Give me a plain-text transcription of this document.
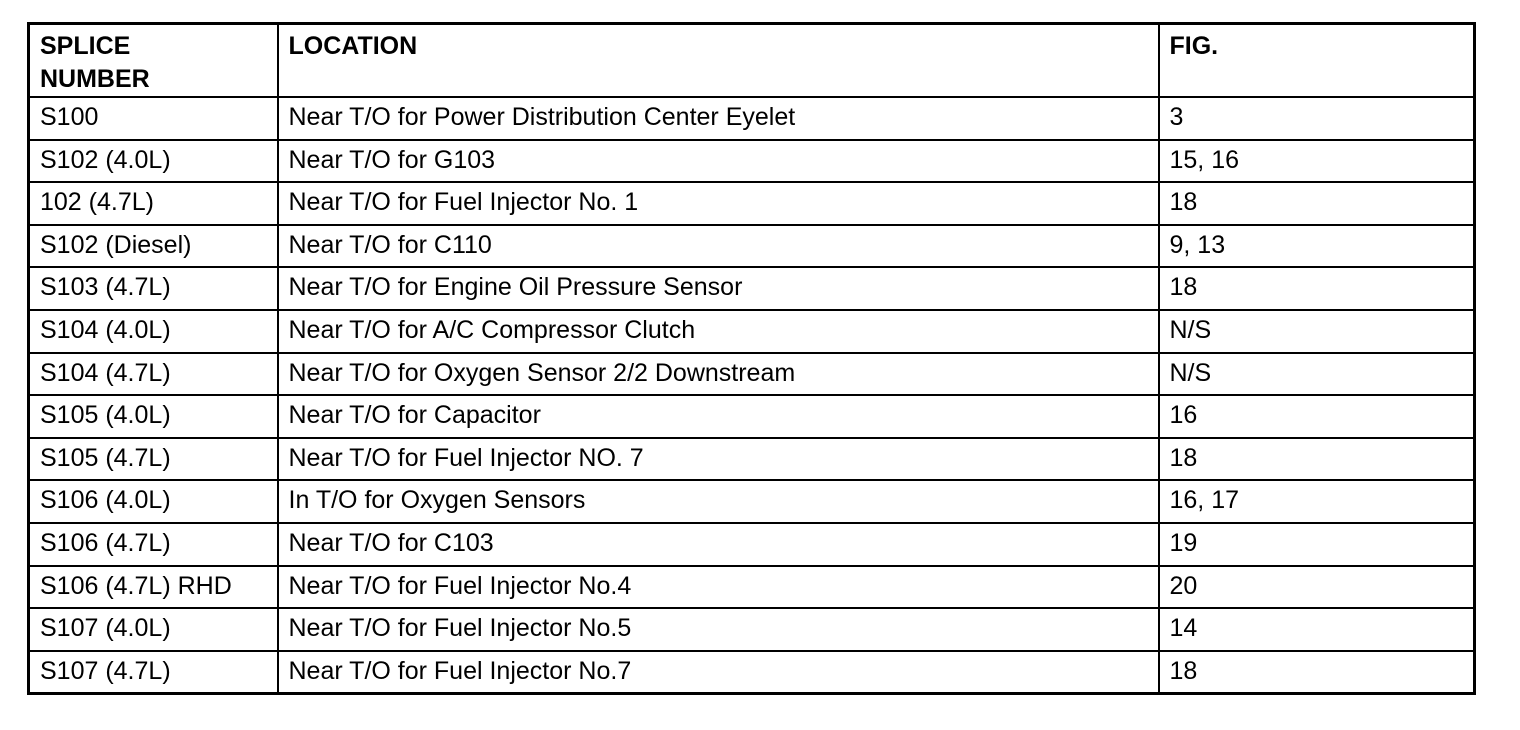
SPLICE
NUMBER	LOCATION	FIG.
S100	Near T/O for Power Distribution Center Eyelet	3
S102 (4.0L)	Near T/O for G103	15, 16
102 (4.7L)	Near T/O for Fuel Injector No. 1	18
S102 (Diesel)	Near T/O for C110	9, 13
S103 (4.7L)	Near T/O for Engine Oil Pressure Sensor	18
S104 (4.0L)	Near T/O for A/C Compressor Clutch	N/S
S104 (4.7L)	Near T/O for Oxygen Sensor 2/2 Downstream	N/S
S105 (4.0L)	Near T/O for Capacitor	16
S105 (4.7L)	Near T/O for Fuel Injector NO. 7	18
S106 (4.0L)	In T/O for Oxygen Sensors	16, 17
S106 (4.7L)	Near T/O for C103	19
S106 (4.7L) RHD	Near T/O for Fuel Injector No.4	20
S107 (4.0L)	Near T/O for Fuel Injector No.5	14
S107 (4.7L)	Near T/O for Fuel Injector No.7	18
